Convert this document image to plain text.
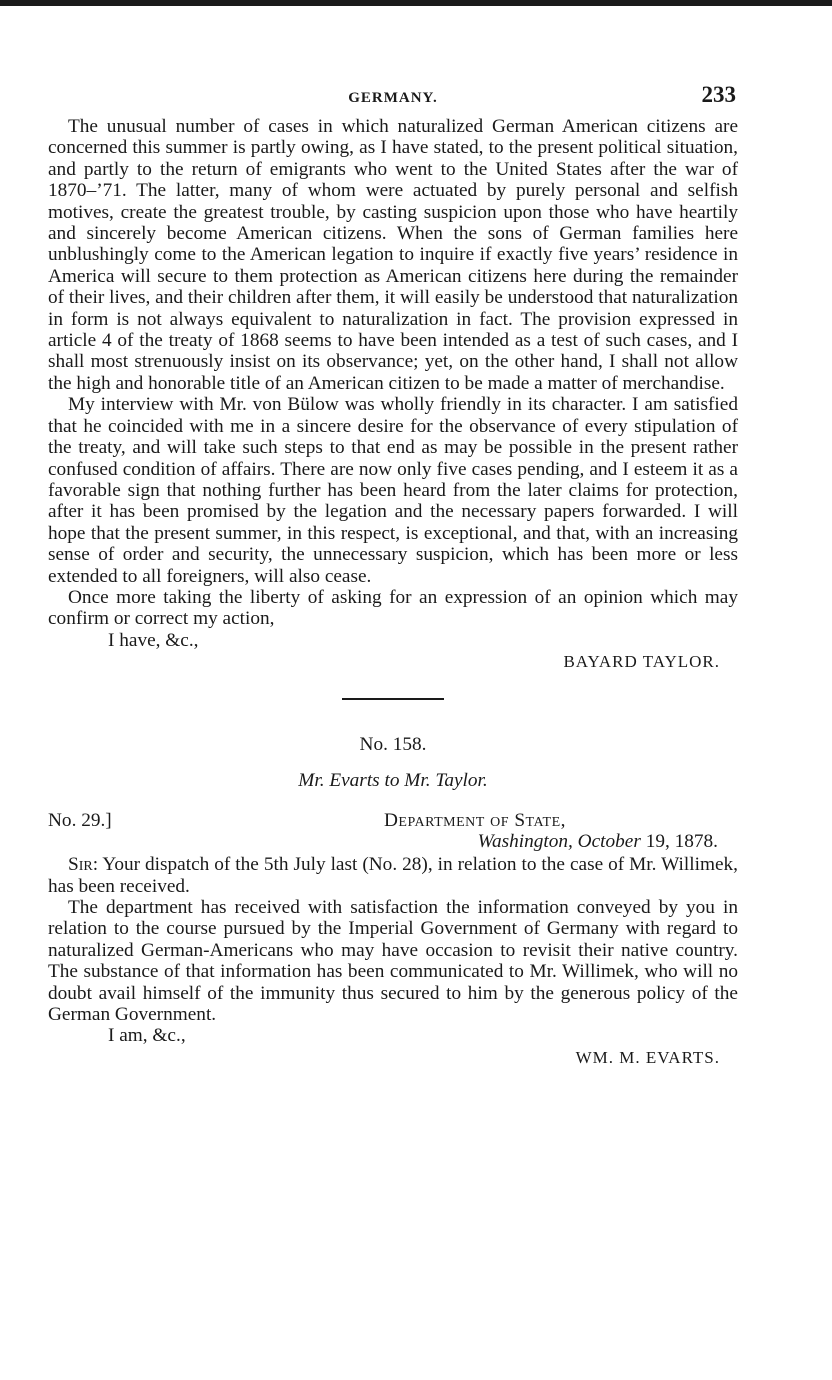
GERMANY.	233

The unusual number of cases in which naturalized German American citizens are concerned this summer is partly owing, as I have stated, to the present political situation, and partly to the return of emigrants who went to the United States after the war of 1870–’71. The latter, many of whom were actuated by purely personal and selfish motives, create the greatest trouble, by casting suspicion upon those who have heartily and sincerely become American citizens. When the sons of German families here unblushingly come to the American legation to inquire if exactly five years’ residence in America will secure to them protection as American citizens here during the remainder of their lives, and their children after them, it will easily be understood that naturalization in form is not always equivalent to naturalization in fact. The provision expressed in article 4 of the treaty of 1868 seems to have been intended as a test of such cases, and I shall most strenuously insist on its observance; yet, on the other hand, I shall not allow the high and honorable title of an American citizen to be made a matter of merchandise.

My interview with Mr. von Bülow was wholly friendly in its character. I am satisfied that he coincided with me in a sincere desire for the observance of every stipulation of the treaty, and will take such steps to that end as may be possible in the present rather confused condition of affairs. There are now only five cases pending, and I esteem it as a favorable sign that nothing further has been heard from the later claims for protection, after it has been promised by the legation and the necessary papers forwarded. I will hope that the present summer, in this respect, is exceptional, and that, with an increasing sense of order and security, the unnecessary suspicion, which has been more or less extended to all foreigners, will also cease.

Once more taking the liberty of asking for an expression of an opinion which may confirm or correct my action,

I have, &c.,
BAYARD TAYLOR.
No. 158.
Mr. Evarts to Mr. Taylor.
No. 29.]	Department of State,
Washington, October 19, 1878.

Sir: Your dispatch of the 5th July last (No. 28), in relation to the case of Mr. Willimek, has been received.

The department has received with satisfaction the information conveyed by you in relation to the course pursued by the Imperial Government of Germany with regard to naturalized German-Americans who may have occasion to revisit their native country. The substance of that information has been communicated to Mr. Willimek, who will no doubt avail himself of the immunity thus secured to him by the generous policy of the German Government.

I am, &c.,
WM. M. EVARTS.
